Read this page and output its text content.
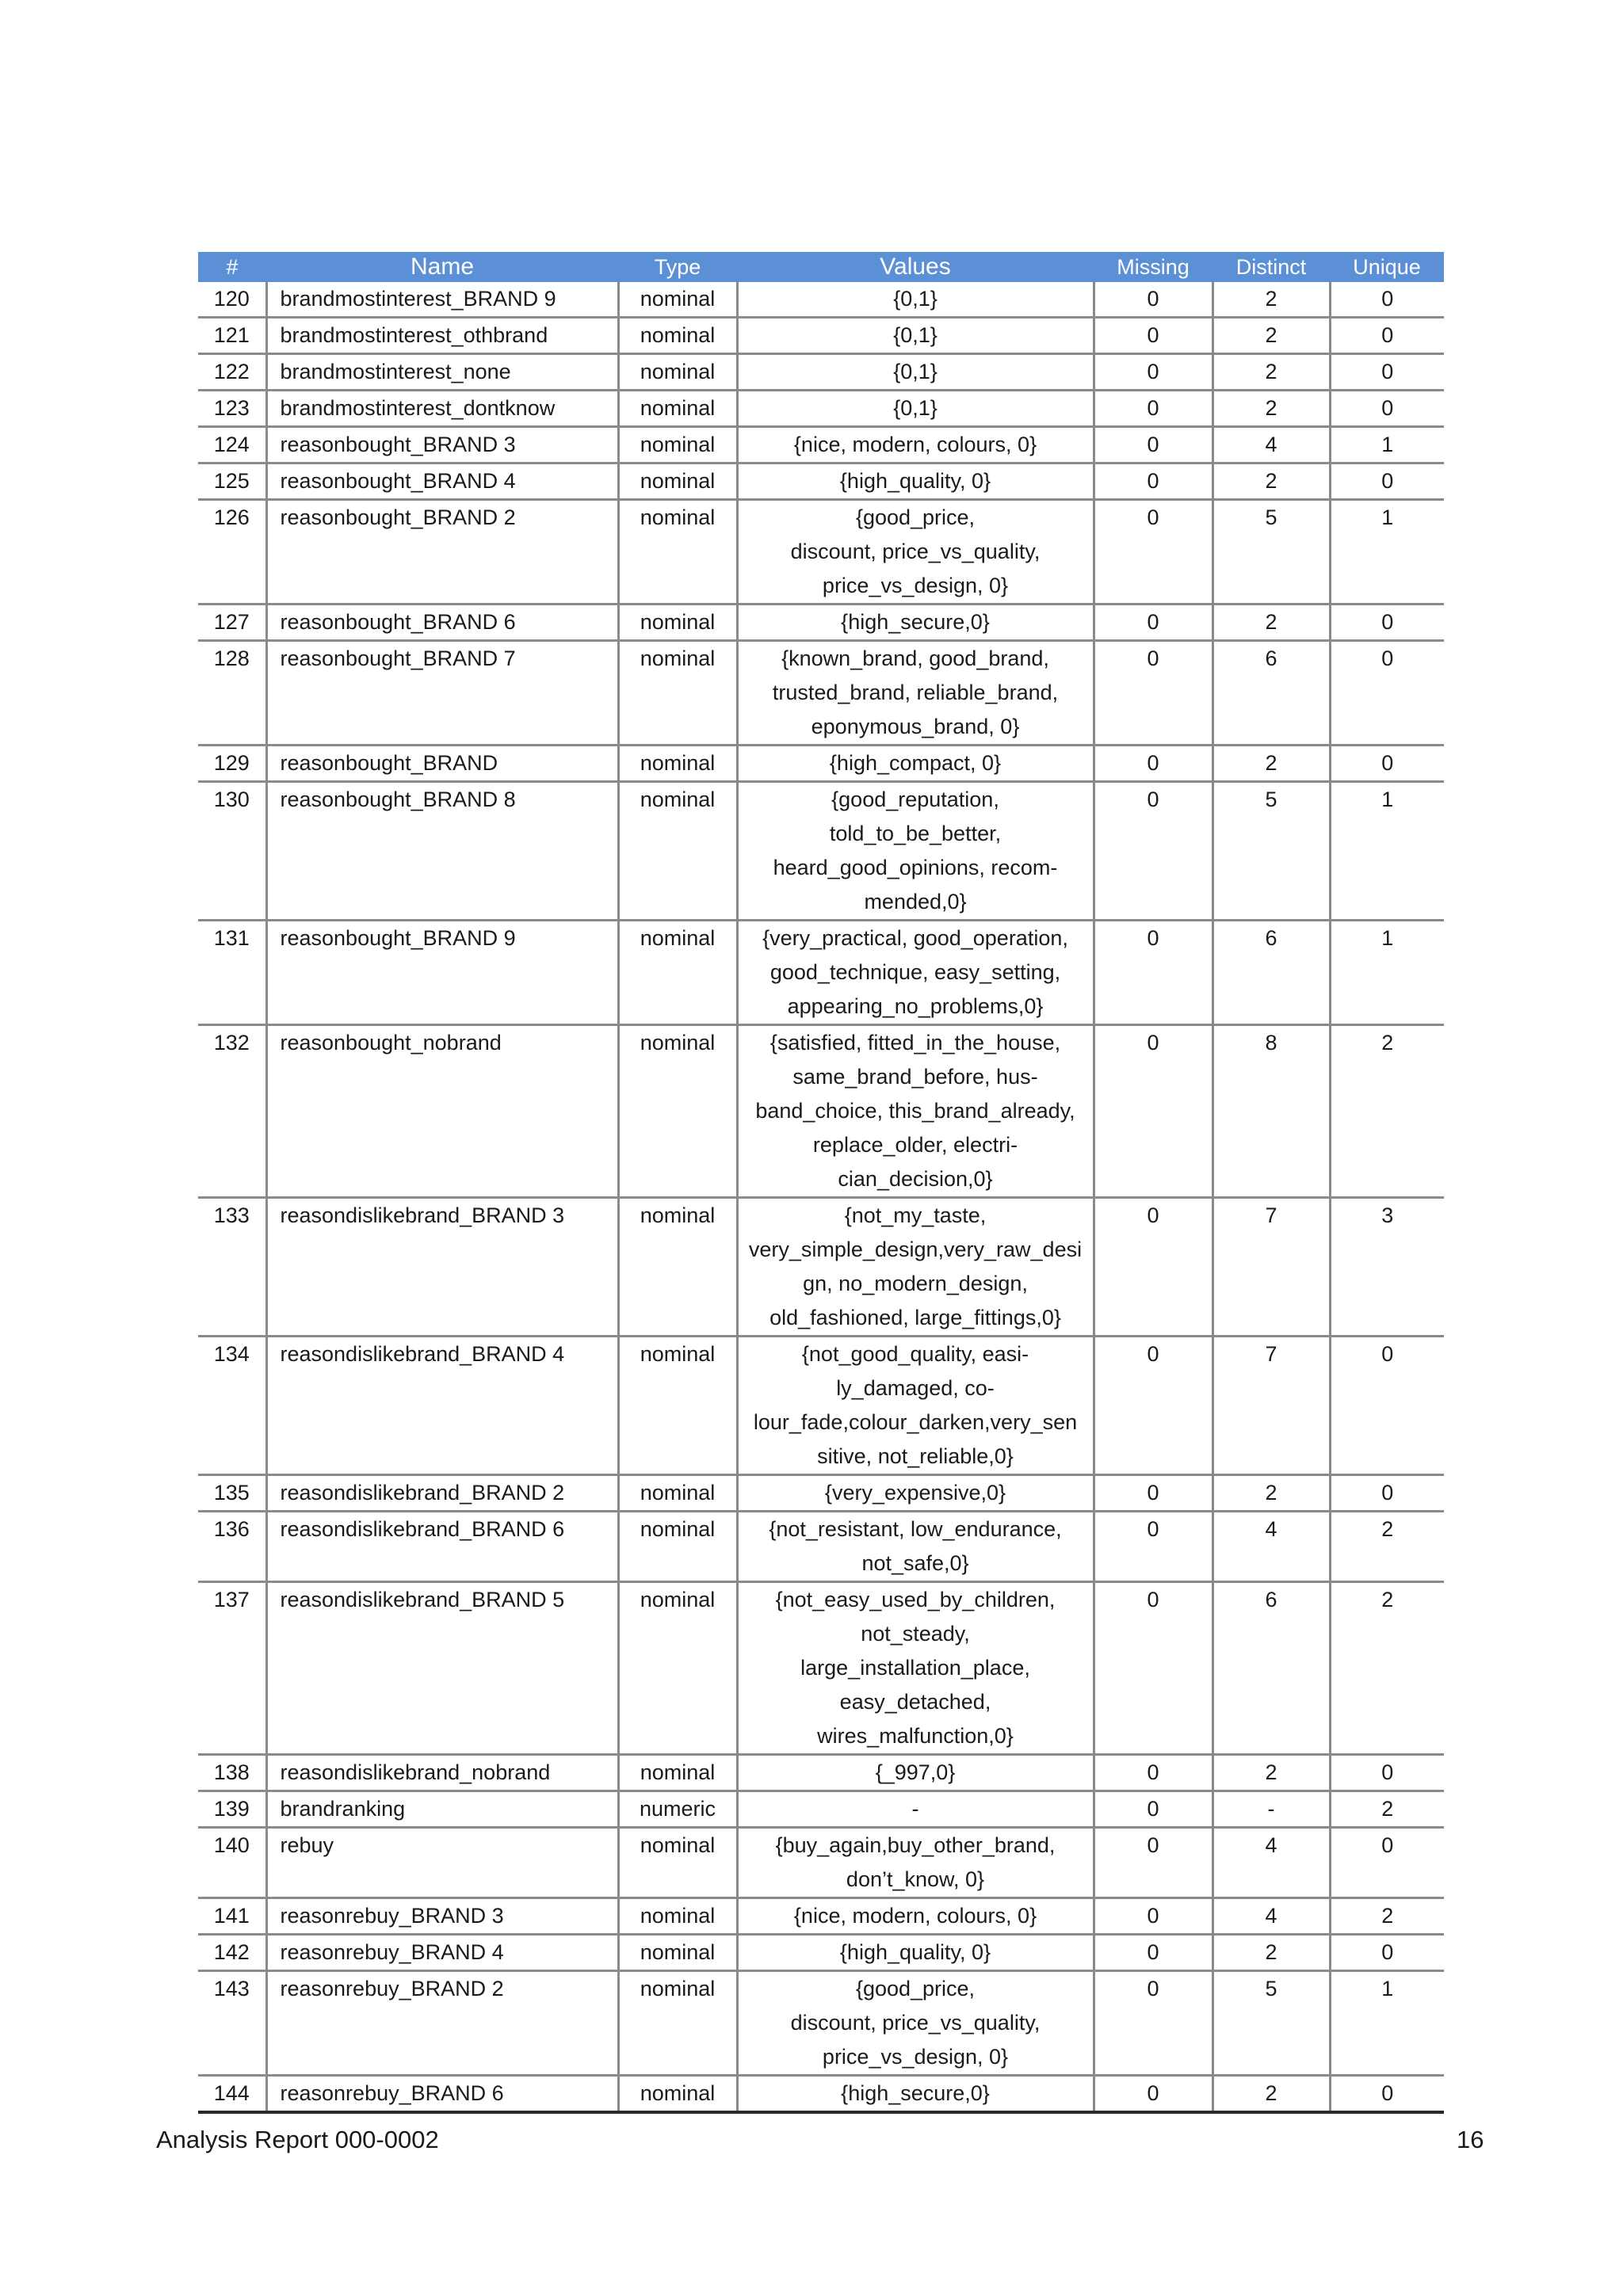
#	Name	Type	Values	Missing	Distinct	Unique
120	brandmostinterest_BRAND 9	nominal	{0,1}	0	2	0
121	brandmostinterest_othbrand	nominal	{0,1}	0	2	0
122	brandmostinterest_none	nominal	{0,1}	0	2	0
123	brandmostinterest_dontknow	nominal	{0,1}	0	2	0
124	reasonbought_BRAND 3	nominal	{nice, modern, colours, 0}	0	4	1
125	reasonbought_BRAND 4	nominal	{high_quality, 0}	0	2	0
126	reasonbought_BRAND 2	nominal	{good_price,
discount, price_vs_quality,
price_vs_design, 0}	0	5	1
127	reasonbought_BRAND 6	nominal	{high_secure,0}	0	2	0
128	reasonbought_BRAND 7	nominal	{known_brand, good_brand,
trusted_brand, reliable_brand,
eponymous_brand, 0}	0	6	0
129	reasonbought_BRAND	nominal	{high_compact, 0}	0	2	0
130	reasonbought_BRAND 8	nominal	{good_reputation,
told_to_be_better,
heard_good_opinions, recom-
mended,0}	0	5	1
131	reasonbought_BRAND 9	nominal	{very_practical, good_operation,
good_technique, easy_setting,
appearing_no_problems,0}	0	6	1
132	reasonbought_nobrand	nominal	{satisfied, fitted_in_the_house,
same_brand_before, hus-
band_choice, this_brand_already,
replace_older, electri-
cian_decision,0}	0	8	2
133	reasondislikebrand_BRAND 3	nominal	{not_my_taste,
very_simple_design,very_raw_desi
gn, no_modern_design,
old_fashioned, large_fittings,0}	0	7	3
134	reasondislikebrand_BRAND 4	nominal	{not_good_quality, easi-
ly_damaged, co-
lour_fade,colour_darken,very_sen
sitive, not_reliable,0}	0	7	0
135	reasondislikebrand_BRAND 2	nominal	{very_expensive,0}	0	2	0
136	reasondislikebrand_BRAND 6	nominal	{not_resistant, low_endurance,
not_safe,0}	0	4	2
137	reasondislikebrand_BRAND 5	nominal	{not_easy_used_by_children,
not_steady,
large_installation_place,
easy_detached,
wires_malfunction,0}	0	6	2
138	reasondislikebrand_nobrand	nominal	{_997,0}	0	2	0
139	brandranking	numeric	-	0	-	2
140	rebuy	nominal	{buy_again,buy_other_brand,
don’t_know, 0}	0	4	0
141	reasonrebuy_BRAND 3	nominal	{nice, modern, colours, 0}	0	4	2
142	reasonrebuy_BRAND 4	nominal	{high_quality, 0}	0	2	0
143	reasonrebuy_BRAND 2	nominal	{good_price,
discount, price_vs_quality,
price_vs_design, 0}	0	5	1
144	reasonrebuy_BRAND 6	nominal	{high_secure,0}	0	2	0
Analysis Report 000-0002	16
